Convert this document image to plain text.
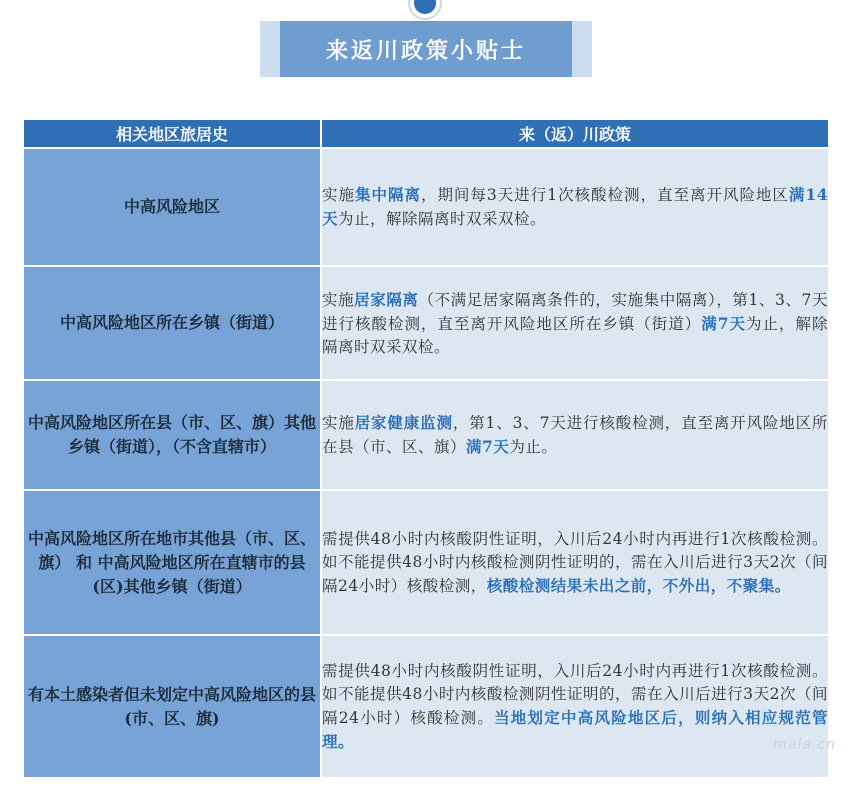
来返川政策小贴士
相关地区旅居史	来（返）川政策
中高风险地区	实施集中隔离，期间每3天进行1次核酸检测，直至离开风险地区满14天为止，解除隔离时双采双检。
中高风险地区所在乡镇（街道）	实施居家隔离（不满足居家隔离条件的，实施集中隔离），第1、3、7天进行核酸检测，直至离开风险地区所在乡镇（街道）满7天为止，解除隔离时双采双检。
中高风险地区所在县（市、区、旗）其他乡镇（街道），（不含直辖市）	实施居家健康监测，第1、3、7天进行核酸检测，直至离开风险地区所在县（市、区、旗）满7天为止。
中高风险地区所在地市其他县（市、区、旗） 和 中高风险地区所在直辖市的县(区)其他乡镇（街道）	需提供48小时内核酸阴性证明，入川后24小时内再进行1次核酸检测。如不能提供48小时内核酸检测阴性证明的，需在入川后进行3天2次（间隔24小时）核酸检测，核酸检测结果未出之前，不外出，不聚集。
有本土感染者但未划定中高风险地区的县(市、区、旗)	需提供48小时内核酸阴性证明，入川后24小时内再进行1次核酸检测。如不能提供48小时内核酸检测阴性证明的，需在入川后进行3天2次（间隔24小时）核酸检测。当地划定中高风险地区后，则纳入相应规范管理。	mala.cn
